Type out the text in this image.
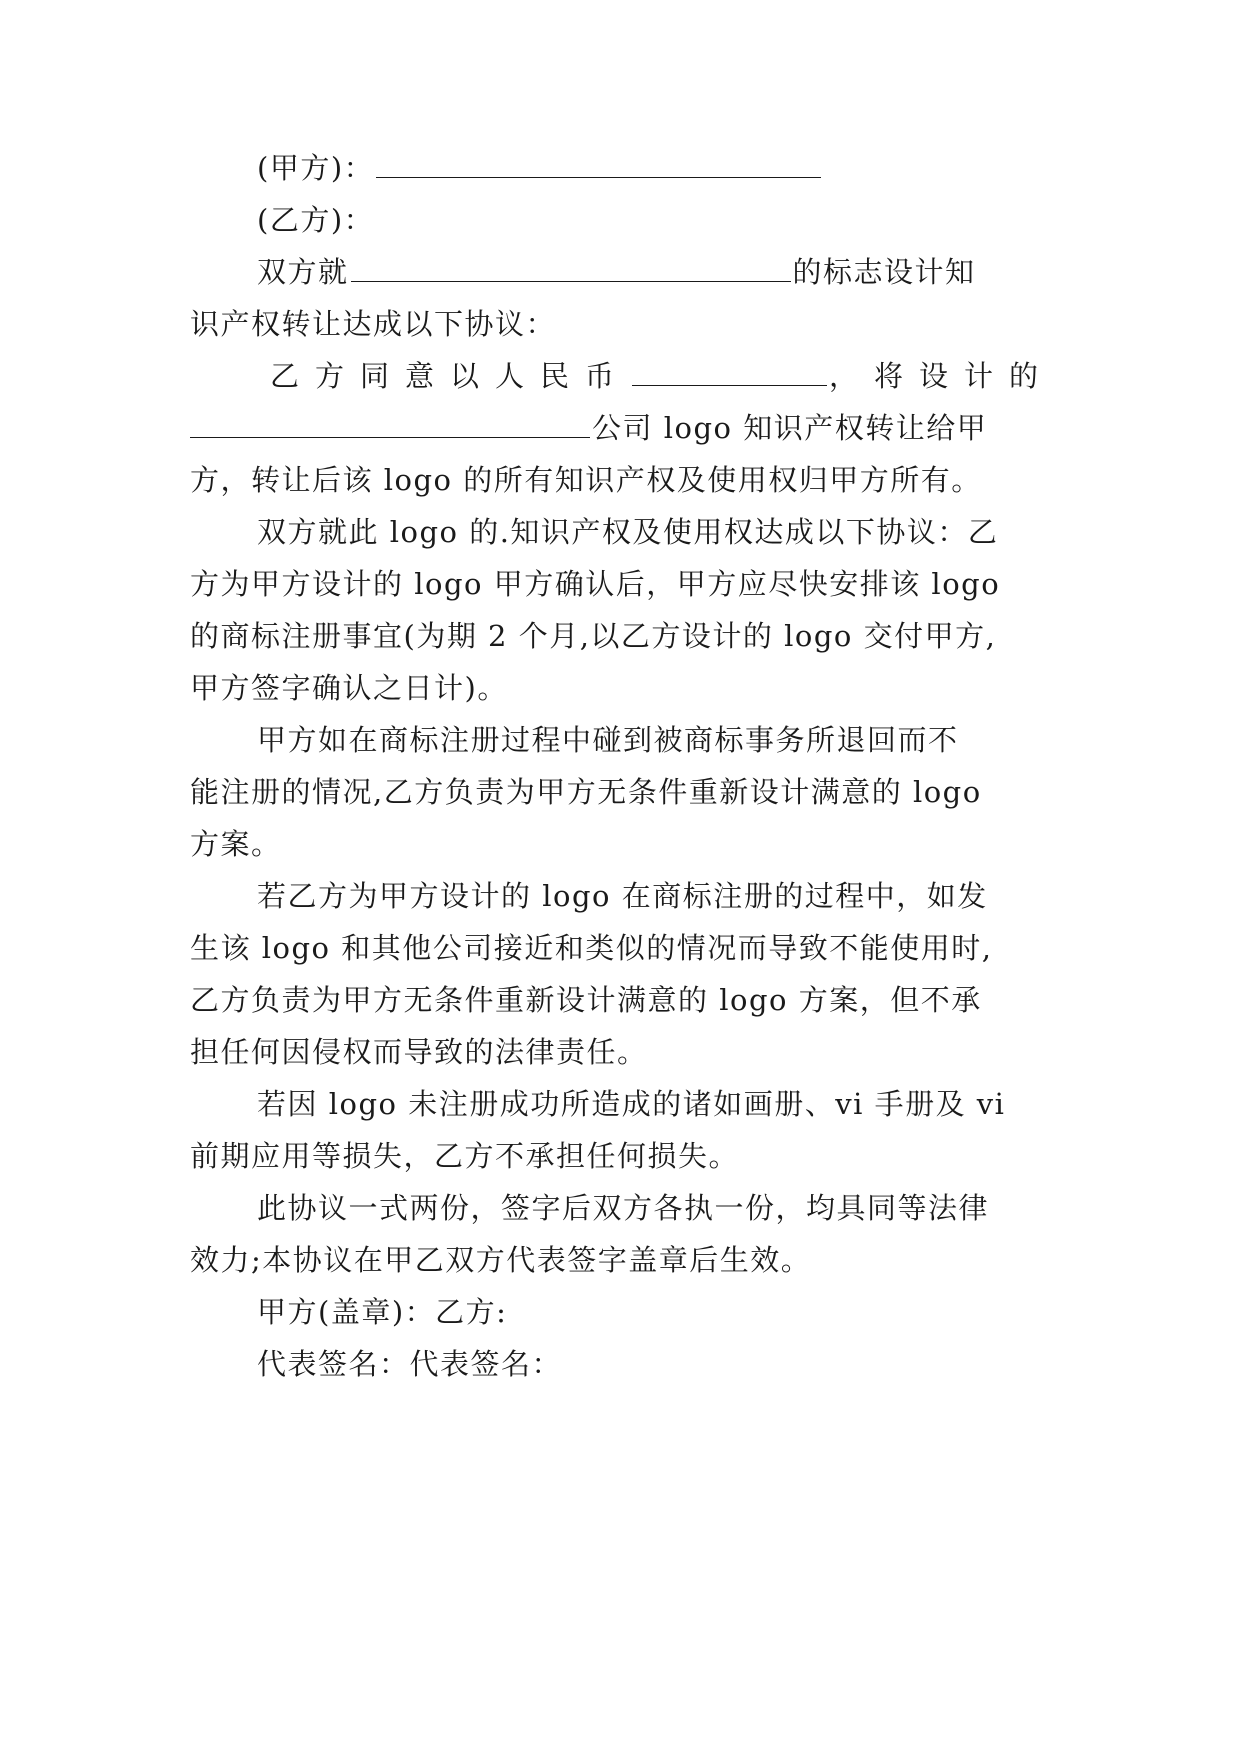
(甲方)：
(乙方)：
双方就	的标志设计知
识产权转让达成以下协议：
乙方同意以人民币	，将设计的
公司 logo 知识产权转让给甲
方，转让后该 logo 的所有知识产权及使用权归甲方所有。
双方就此 logo 的.知识产权及使用权达成以下协议：乙
方为甲方设计的 logo 甲方确认后，甲方应尽快安排该 logo
的商标注册事宜(为期 2 个月,以乙方设计的 logo 交付甲方,
甲方签字确认之日计)。
甲方如在商标注册过程中碰到被商标事务所退回而不
能注册的情况,乙方负责为甲方无条件重新设计满意的 logo
方案。
若乙方为甲方设计的 logo 在商标注册的过程中，如发
生该 logo 和其他公司接近和类似的情况而导致不能使用时,
乙方负责为甲方无条件重新设计满意的 logo 方案，但不承
担任何因侵权而导致的法律责任。
若因 logo 未注册成功所造成的诸如画册、vi 手册及 vi
前期应用等损失，乙方不承担任何损失。
此协议一式两份，签字后双方各执一份，均具同等法律
效力;本协议在甲乙双方代表签字盖章后生效。
甲方(盖章)：乙方:
代表签名：代表签名：
